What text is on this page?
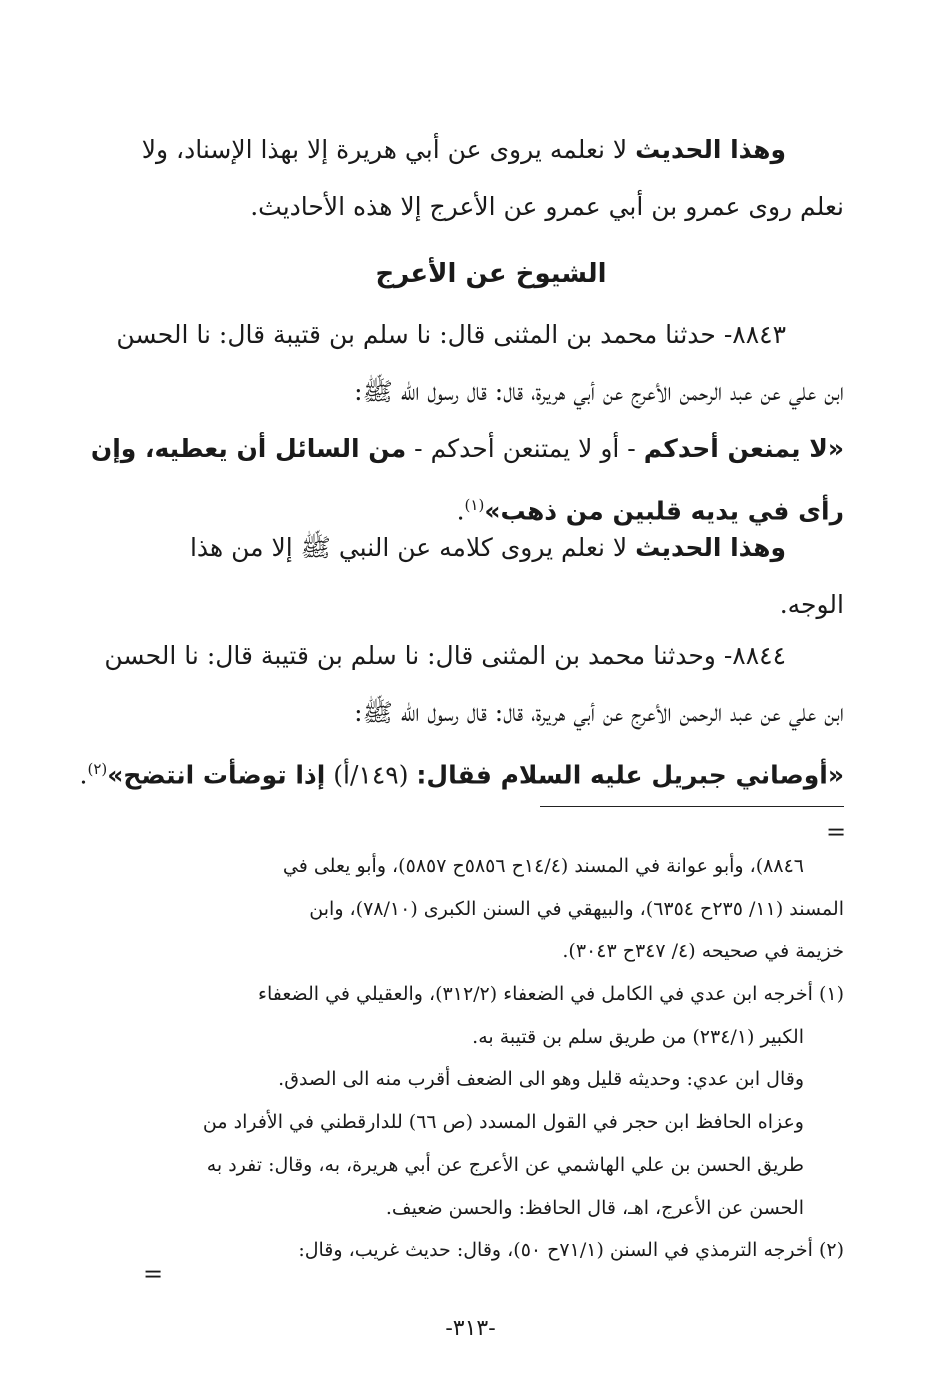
وهذا الحديث لا نعلمه يروى عن أبي هريرة إلا بهذا الإسناد، ولا
نعلم روى عمرو بن أبي عمرو عن الأعرج إلا هذه الأحاديث.
الشيوخ عن الأعرج
٨٨٤٣- حدثنا محمد بن المثنى قال: نا سلم بن قتيبة قال: نا الحسن
ابن علي عن عبد الرحمن الأعرج عن أبي هريرة، قال: قال رسول الله ﷺ:
«لا يمنعن أحدكم - أو لا يمتنعن أحدكم - من السائل أن يعطيه، وإن
رأى في يديه قلبين من ذهب»$^{(١)}$.
وهذا الحديث لا نعلم يروى كلامه عن النبي ﷺ إلا من هذا
الوجه.
٨٨٤٤- وحدثنا محمد بن المثنى قال: نا سلم بن قتيبة قال: نا الحسن
ابن علي عن عبد الرحمن الأعرج عن أبي هريرة، قال: قال رسول الله ﷺ:
«أوصاني جبريل عليه السلام فقال: (١٤٩/أ) إذا توضأت انتضح»$^{(٢)}$.
=
٨٨٤٦)، وأبو عوانة في المسند (١٤/٤ح ٥٨٥٦ح ٥٨٥٧)، وأبو يعلى في
المسند (١١/ ٢٣٥ح ٦٣٥٤)، والبيهقي في السنن الكبرى (٧٨/١٠)، وابن
خزيمة في صحيحه (٤/ ٣٤٧ح ٣٠٤٣).
(١) أخرجه ابن عدي في الكامل في الضعفاء (٣١٢/٢)، والعقيلي في الضعفاء
الكبير (٢٣٤/١) من طريق سلم بن قتيبة به.
وقال ابن عدي: وحديثه قليل وهو الى الضعف أقرب منه الى الصدق.
وعزاه الحافظ ابن حجر في القول المسدد (ص ٦٦) للدارقطني في الأفراد من
طريق الحسن بن علي الهاشمي عن الأعرج عن أبي هريرة، به، وقال: تفرد به
الحسن عن الأعرج، اهـ، قال الحافظ: والحسن ضعيف.
(٢) أخرجه الترمذي في السنن (٧١/١ح ٥٠)، وقال: حديث غريب، وقال:
=
-٣١٣-
